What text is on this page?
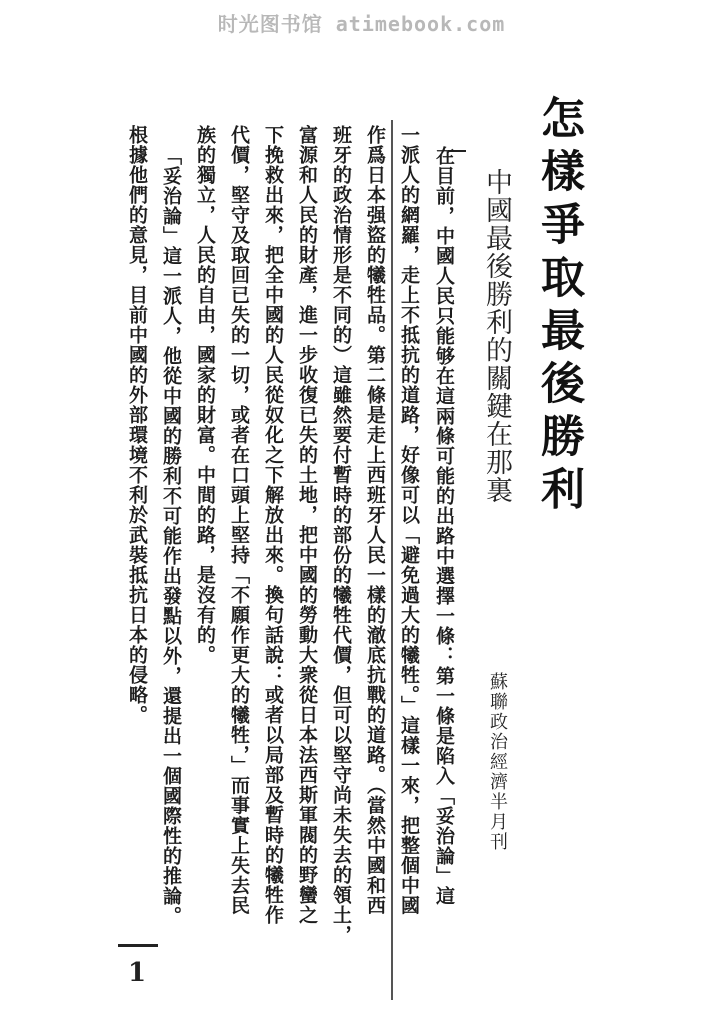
时光图书馆 atimebook.com
怎樣爭取最後勝利
中國最後勝利的關鍵在那裏
蘇聯政治經濟半月刊
在目前，中國人民只能够在這兩條可能的出路中選擇一條：第一條是陷入「妥治論」這
一派人的網羅，走上不抵抗的道路，好像可以「避免過大的犧牲。」這樣一來，把整個中國
作爲日本强盜的犧牲品。第二條是走上西班牙人民一樣的澈底抗戰的道路。（當然中國和西
班牙的政治情形是不同的）這雖然要付暫時的部份的犧牲代價，但可以堅守尚未失去的領土，
富源和人民的財產，進一步收復已失的土地，把中國的勞動大衆從日本法西斯軍閥的野蠻之
下挽救出來，把全中國的人民從奴化之下解放出來。換句話說：或者以局部及暫時的犧牲作
代價，堅守及取回已失的一切，或者在口頭上堅持「不願作更大的犧牲，」而事實上失去民
族的獨立，人民的自由，國家的財富。中間的路，是沒有的。
「妥治論」這一派人，他從中國的勝利不可能作出發點以外，還提出一個國際性的推論。
根據他們的意見，目前中國的外部環境不利於武裝抵抗日本的侵略。
1
